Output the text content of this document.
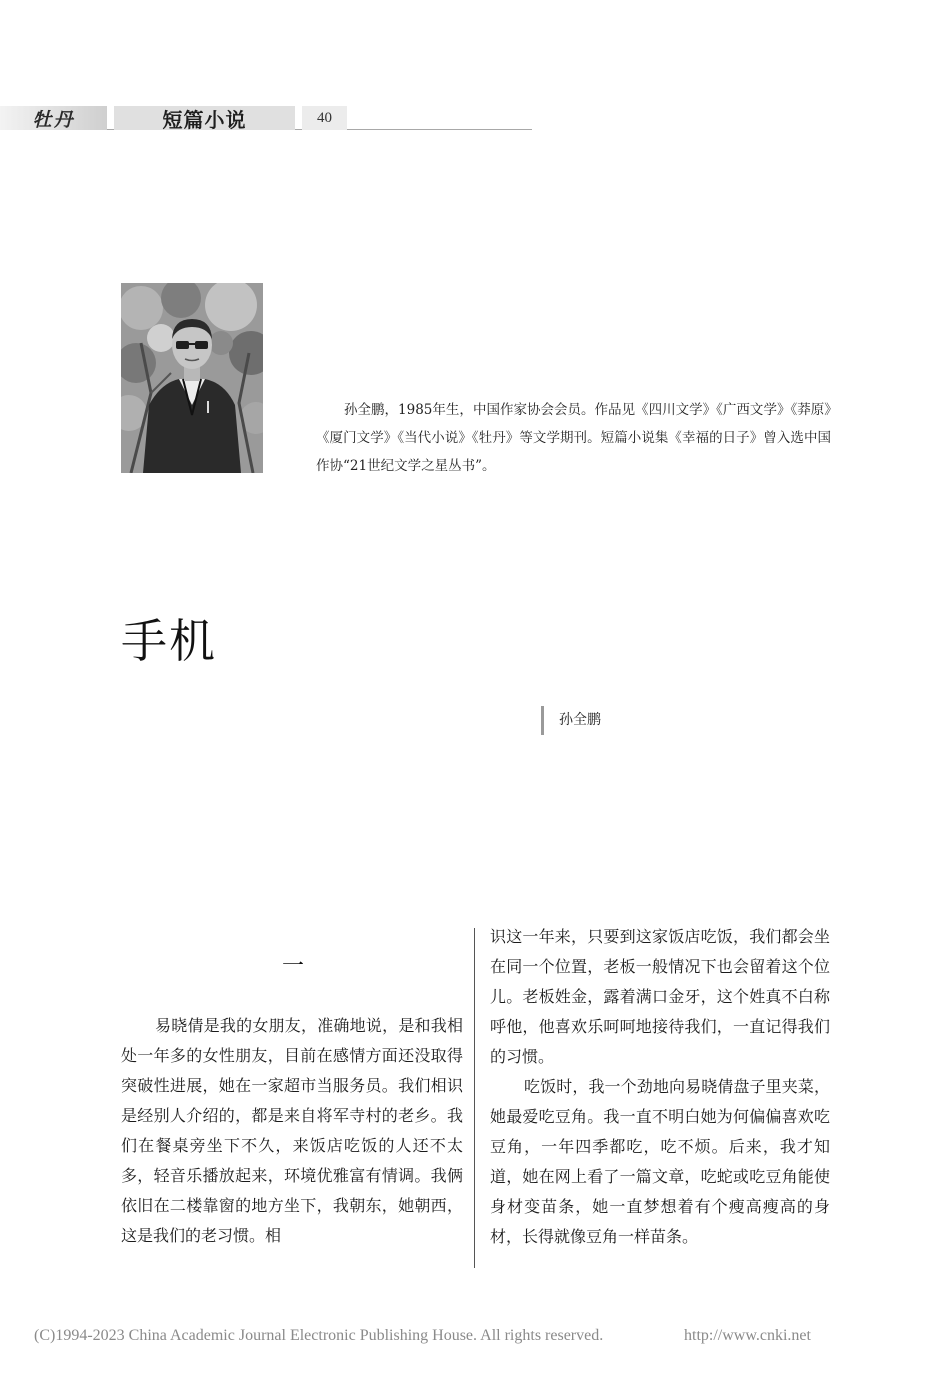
牡丹	短篇小说	40

孙全鹏，1985年生，中国作家协会会员。作品见《四川文学》《广西文学》《莽原》《厦门文学》《当代小说》《牡丹》等文学期刊。短篇小说集《幸福的日子》曾入选中国作协“21世纪文学之星丛书”。

手机
孙全鹏
一

易晓倩是我的女朋友，准确地说，是和我相处一年多的女性朋友，目前在感情方面还没取得突破性进展，她在一家超市当服务员。我们相识是经别人介绍的，都是来自将军寺村的老乡。我们在餐桌旁坐下不久，来饭店吃饭的人还不太多，轻音乐播放起来，环境优雅富有情调。我俩依旧在二楼靠窗的地方坐下，我朝东，她朝西，这是我们的老习惯。相

识这一年来，只要到这家饭店吃饭，我们都会坐在同一个位置，老板一般情况下也会留着这个位儿。老板姓金，露着满口金牙，这个姓真不白称呼他，他喜欢乐呵呵地接待我们，一直记得我们的习惯。

吃饭时，我一个劲地向易晓倩盘子里夹菜，她最爱吃豆角。我一直不明白她为何偏偏喜欢吃豆角，一年四季都吃，吃不烦。后来，我才知道，她在网上看了一篇文章，吃蛇或吃豆角能使身材变苗条，她一直梦想着有个瘦高瘦高的身材，长得就像豆角一样苗条。

(C)1994-2023 China Academic Journal Electronic Publishing House. All rights reserved.	http://www.cnki.net
